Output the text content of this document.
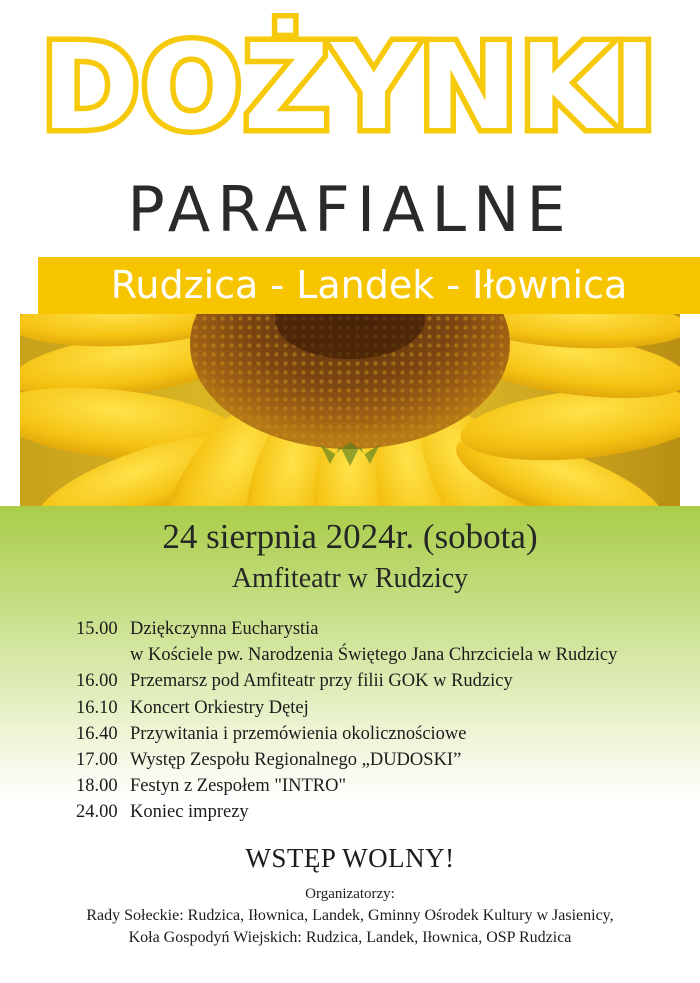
DOŻYNKI
PARAFIALNE
Rudzica - Landek - Iłownica
24 sierpnia 2024r. (sobota)
Amfiteatr w Rudzicy
15.00 Dziękczynna Eucharystia
w Kościele pw. Narodzenia Świętego Jana Chrzciciela w Rudzicy
16.00 Przemarsz pod Amfiteatr przy filii GOK w Rudzicy
16.10 Koncert Orkiestry Dętej
16.40 Przywitania i przemówienia okolicznościowe
17.00 Występ Zespołu Regionalnego „DUDOSKI”
18.00 Festyn z Zespołem "INTRO"
24.00 Koniec imprezy
WSTĘP WOLNY!
Organizatorzy:
Rady Sołeckie: Rudzica, Iłownica, Landek, Gminny Ośrodek Kultury w Jasienicy,
Koła Gospodyń Wiejskich: Rudzica, Landek, Iłownica, OSP Rudzica
